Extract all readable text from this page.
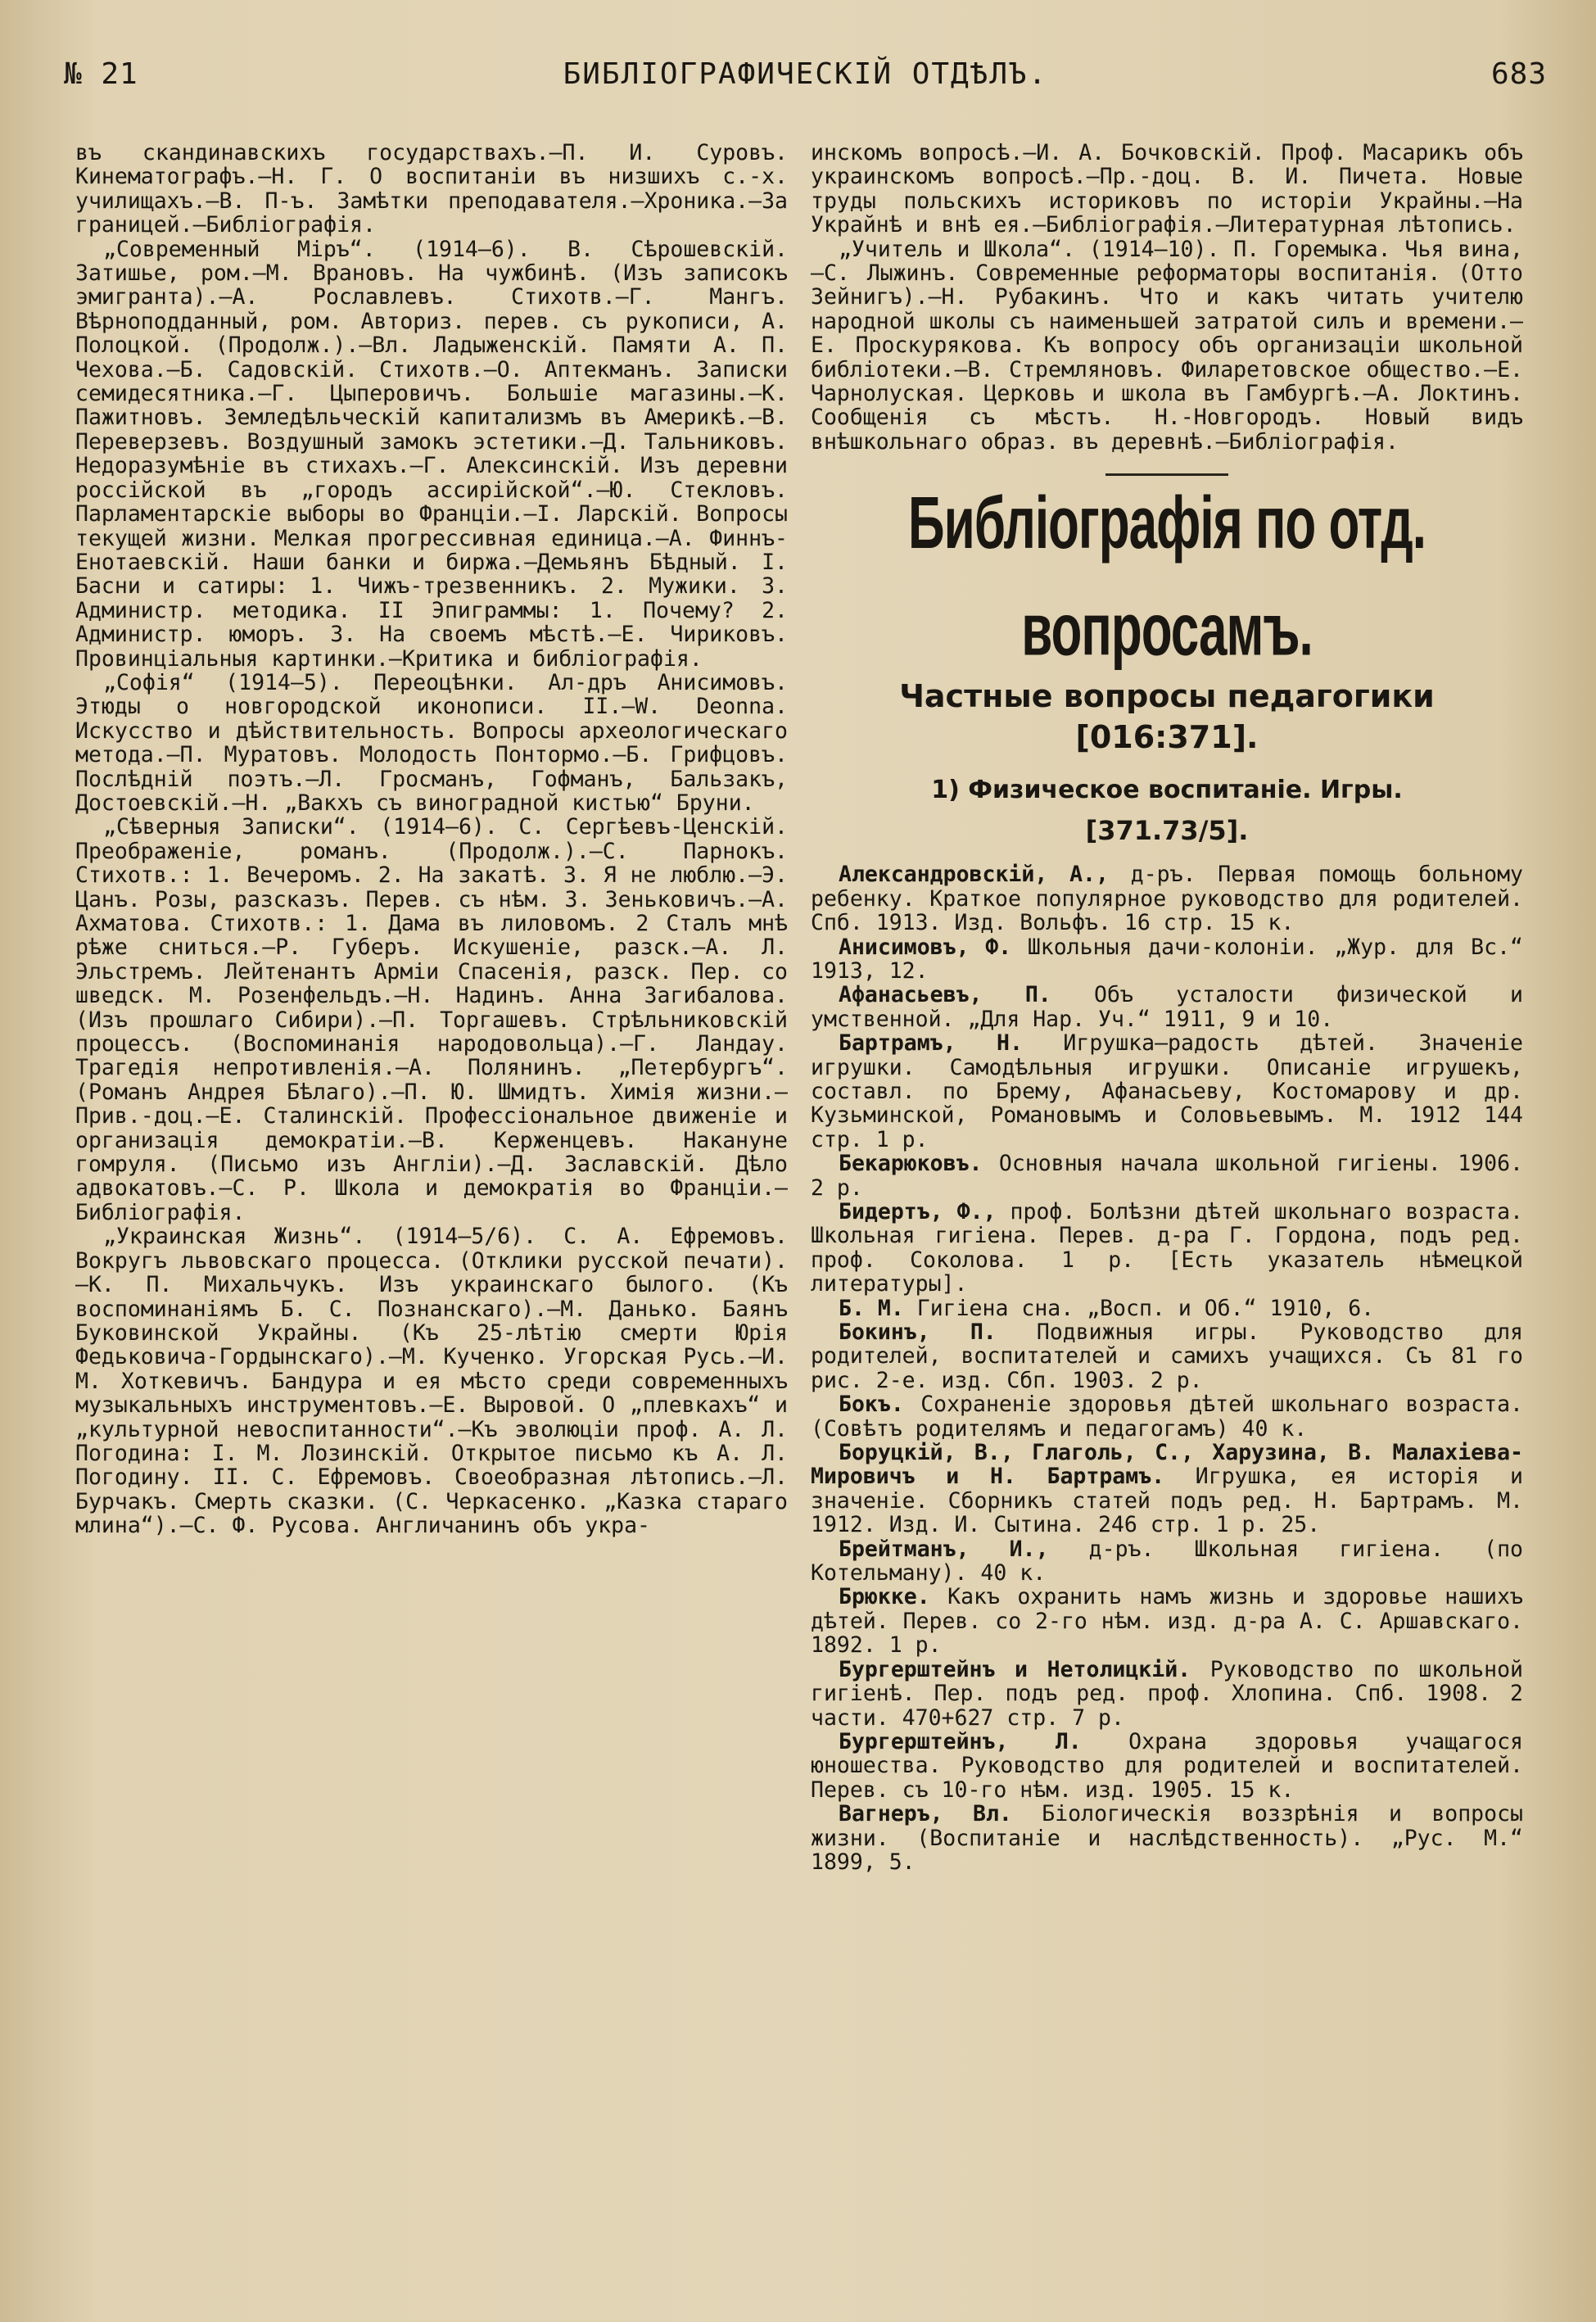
№ 21	БИБЛІОГРАФИЧЕСКІЙ ОТДѢЛЪ.	683

въ скандинавскихъ государствахъ.—П. И. Суровъ. Кинематографъ.—Н. Г. О воспитаніи въ низшихъ с.-х. училищахъ.—В. П-ъ. Замѣтки преподавателя.—Хроника.—За границей.—Библіографія.

„Современный Міръ“. (1914—6). В. Сѣрошевскій. Затишье, ром.—М. Врановъ. На чужбинѣ. (Изъ записокъ эмигранта).—А. Рославлевъ. Стихотв.—Г. Мангъ. Вѣрноподданный, ром. Авториз. перев. съ рукописи, А. Полоцкой. (Продолж.).—Вл. Ладыженскій. Памяти А. П. Чехова.—Б. Садовскій. Стихотв.—О. Аптекманъ. Записки семидесятника.—Г. Цыперовичъ. Большіе магазины.—К. Пажитновъ. Земледѣльческій капитализмъ въ Америкѣ.—В. Переверзевъ. Воздушный замокъ эстетики.—Д. Тальниковъ. Недоразумѣніе въ стихахъ.—Г. Алексинскій. Изъ деревни россійской въ „городъ ассирійской“.—Ю. Стекловъ. Парламентарскіе выборы во Франціи.—І. Ларскій. Вопросы текущей жизни. Мелкая прогрессивная единица.—А. Финнъ-Енотаевскій. Наши банки и биржа.—Демьянъ Бѣдный. І. Басни и сатиры: 1. Чижъ-трезвенникъ. 2. Мужики. 3. Администр. методика. II Эпиграммы: 1. Почему? 2. Администр. юморъ. 3. На своемъ мѣстѣ.—Е. Чириковъ. Провинціальныя картинки.—Критика и библіографія.

„Софія“ (1914—5). Переоцѣнки. Ал-дръ Анисимовъ. Этюды о новгородской иконописи. II.—W. Deonna. Искусство и дѣйствительность. Вопросы археологическаго метода.—П. Муратовъ. Молодость Понтормо.—Б. Грифцовъ. Послѣдній поэтъ.—Л. Гросманъ, Гофманъ, Бальзакъ, Достоевскій.—Н. „Вакхъ съ виноградной кистью“ Бруни.

„Сѣверныя Записки“. (1914—6). С. Сергѣевъ-Ценскій. Преображеніе, романъ. (Продолж.).—С. Парнокъ. Стихотв.: 1. Вечеромъ. 2. На закатѣ. 3. Я не люблю.—Э. Цанъ. Розы, разсказъ. Перев. съ нѣм. З. Зеньковичъ.—А. Ахматова. Стихотв.: 1. Дама въ лиловомъ. 2 Сталъ мнѣ рѣже сниться.—Р. Губеръ. Искушеніе, разск.—А. Л. Эльстремъ. Лейтенантъ Арміи Спасенія, разск. Пер. со шведск. М. Розенфельдъ.—Н. Надинъ. Анна Загибалова. (Изъ прошлаго Сибири).—П. Торгашевъ. Стрѣльниковскій процессъ. (Воспоминанія народовольца).—Г. Ландау. Трагедія непротивленія.—А. Полянинъ. „Петербургъ“. (Романъ Андрея Бѣлаго).—П. Ю. Шмидтъ. Химія жизни.—Прив.-доц.—Е. Сталинскій. Профессіональное движеніе и организація демократіи.—В. Керженцевъ. Накануне гомруля. (Письмо изъ Англіи).—Д. Заславскій. Дѣло адвокатовъ.—С. Р. Школа и демократія во Франціи.—Библіографія.

„Украинская Жизнь“. (1914—5/6). С. А. Ефремовъ. Вокругъ львовскаго процесса. (Отклики русской печати).—К. П. Михальчукъ. Изъ украинскаго былого. (Къ воспоминаніямъ Б. С. Познанскаго).—М. Данько. Баянъ Буковинской Украйны. (Къ 25-лѣтію смерти Юрія Федьковича-Гордынскаго).—М. Кученко. Угорская Русь.—И. М. Хоткевичъ. Бандура и ея мѣсто среди современныхъ музыкальныхъ инструментовъ.—Е. Выровой. О „плевкахъ“ и „культурной невоспитанности“.—Къ эволюціи проф. А. Л. Погодина: І. М. Лозинскій. Открытое письмо къ А. Л. Погодину. II. С. Ефремовъ. Своеобразная лѣтопись.—Л. Бурчакъ. Смерть сказки. (С. Черкасенко. „Казка стараго млина“).—С. Ф. Русова. Англичанинъ объ укра-

инскомъ вопросѣ.—И. А. Бочковскій. Проф. Масарикъ объ украинскомъ вопросѣ.—Пр.-доц. В. И. Пичета. Новые труды польскихъ историковъ по исторіи Украйны.—На Украйнѣ и внѣ ея.—Библіографія.—Литературная лѣтопись.

„Учитель и Школа“. (1914—10). П. Горемыка. Чья вина,—С. Лыжинъ. Современные реформаторы воспитанія. (Отто Зейнигъ).—Н. Рубакинъ. Что и какъ читать учителю народной школы съ наименьшей затратой силъ и времени.—Е. Проскурякова. Къ вопросу объ организаціи школьной библіотеки.—В. Стремляновъ. Филаретовское общество.—Е. Чарнолуская. Церковь и школа въ Гамбургѣ.—А. Локтинъ. Сообщенія съ мѣстъ. Н.-Новгородъ. Новый видъ внѣшкольнаго образ. въ деревнѣ.—Библіографія.

Библіографія по отд. вопросамъ.
Частные вопросы педагогики [016:371].
1) Физическое воспитаніе. Игры.
[371.73/5].

Александровскій, А., д-ръ. Первая помощь больному ребенку. Краткое популярное руководство для родителей. Спб. 1913. Изд. Вольфъ. 16 стр. 15 к.

Анисимовъ, Ф. Школьныя дачи-колоніи. „Жур. для Вс.“ 1913, 12.

Афанасьевъ, П. Объ усталости физической и умственной. „Для Нар. Уч.“ 1911, 9 и 10.

Бартрамъ, Н. Игрушка—радость дѣтей. Значеніе игрушки. Самодѣльныя игрушки. Описаніе игрушекъ, составл. по Брему, Афанасьеву, Костомарову и др. Кузьминской, Романовымъ и Соловьевымъ. М. 1912 144 стр. 1 р.

Бекарюковъ. Основныя начала школьной гигіены. 1906. 2 р.

Бидертъ, Ф., проф. Болѣзни дѣтей школьнаго возраста. Школьная гигіена. Перев. д-ра Г. Гордона, подъ ред. проф. Соколова. 1 р. [Есть указатель нѣмецкой литературы].

Б. М. Гигіена сна. „Восп. и Об.“ 1910, 6.

Бокинъ, П. Подвижныя игры. Руководство для родителей, воспитателей и самихъ учащихся. Съ 81 го рис. 2-е. изд. Сбп. 1903. 2 р.

Бокъ. Сохраненіе здоровья дѣтей школьнаго возраста. (Совѣтъ родителямъ и педагогамъ) 40 к.

Боруцкій, В., Глаголь, С., Харузина, В. Малахіева-Мировичъ и Н. Бартрамъ. Игрушка, ея исторія и значеніе. Сборникъ статей подъ ред. Н. Бартрамъ. М. 1912. Изд. И. Сытина. 246 стр. 1 р. 25.

Брейтманъ, И., д-ръ. Школьная гигіена. (по Котельману). 40 к.

Брюкке. Какъ охранить намъ жизнь и здоровье нашихъ дѣтей. Перев. со 2-го нѣм. изд. д-ра А. С. Аршавскаго. 1892. 1 р.

Бургерштейнъ и Нетолицкій. Руководство по школьной гигіенѣ. Пер. подъ ред. проф. Хлопина. Спб. 1908. 2 части. 470+627 стр. 7 р.

Бургерштейнъ, Л. Охрана здоровья учащагося юношества. Руководство для родителей и воспитателей. Перев. съ 10-го нѣм. изд. 1905. 15 к.

Вагнеръ, Вл. Біологическія воззрѣнія и вопросы жизни. (Воспитаніе и наслѣдственность). „Рус. М.“ 1899, 5.
